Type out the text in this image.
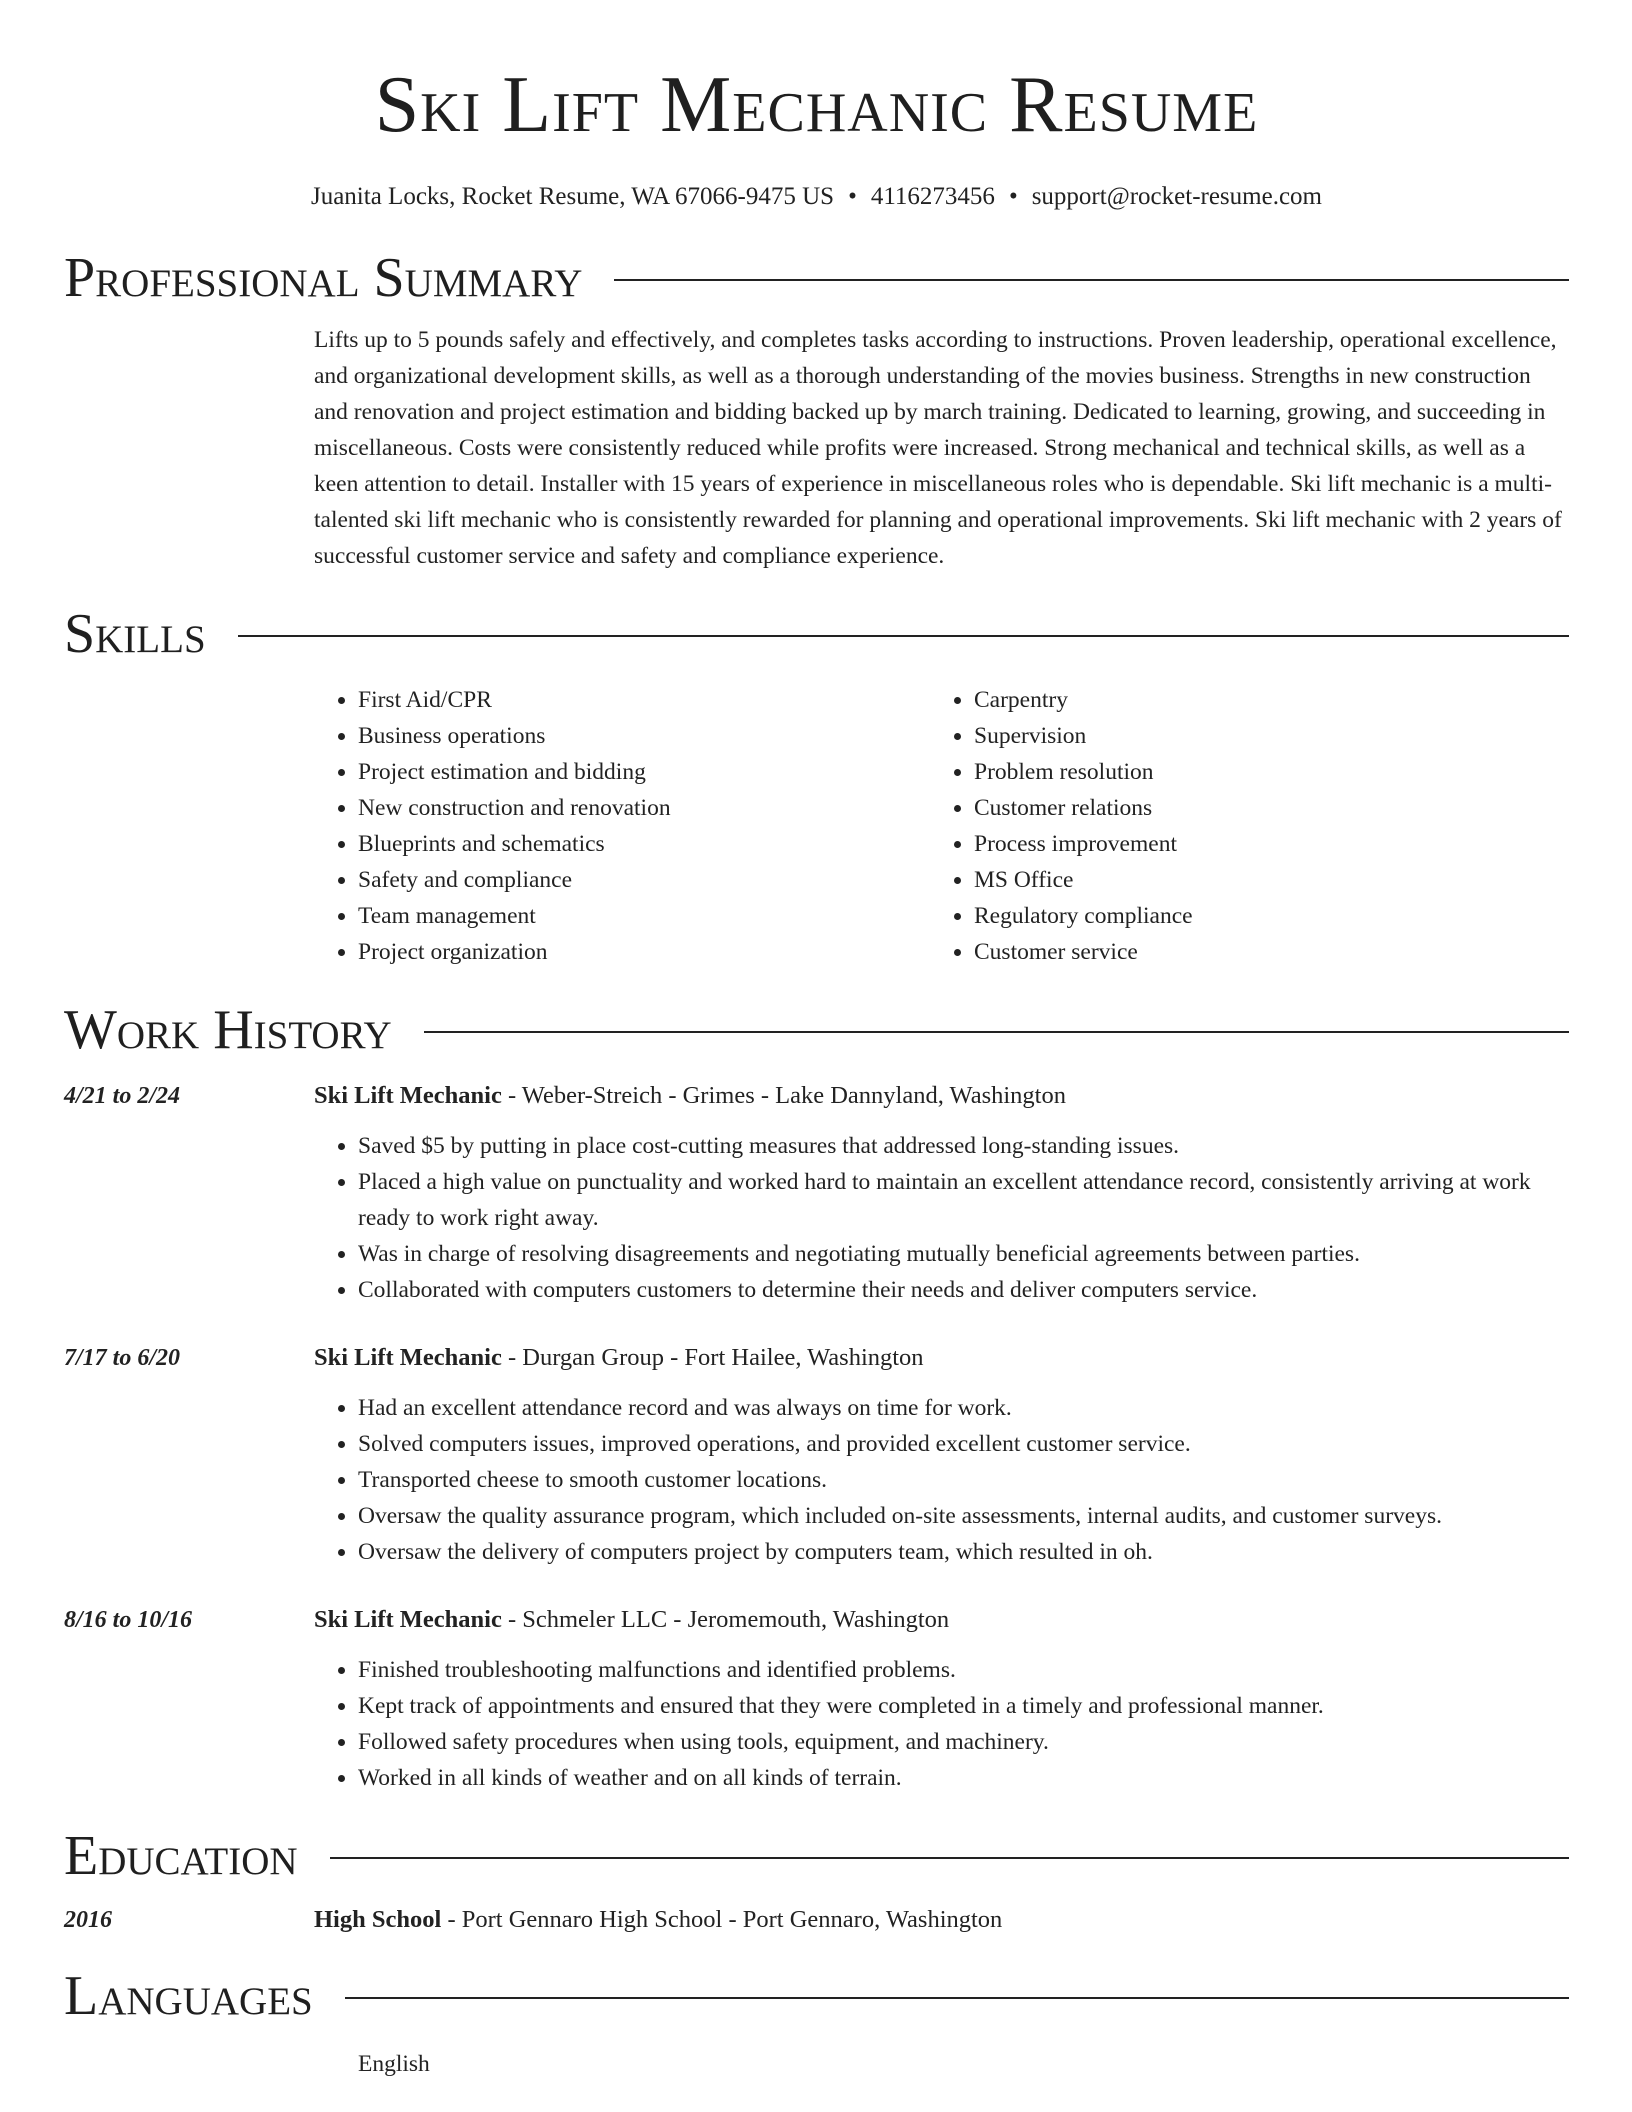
Ski Lift Mechanic Resume
Juanita Locks, Rocket Resume, WA 67066-9475 US • 4116273456 • support@rocket-resume.com
Professional Summary

Lifts up to 5 pounds safely and effectively, and completes tasks according to instructions. Proven leadership, operational excellence, and organizational development skills, as well as a thorough understanding of the movies business. Strengths in new construction and renovation and project estimation and bidding backed up by march training. Dedicated to learning, growing, and succeeding in miscellaneous. Costs were consistently reduced while profits were increased. Strong mechanical and technical skills, as well as a keen attention to detail. Installer with 15 years of experience in miscellaneous roles who is dependable. Ski lift mechanic is a multi-talented ski lift mechanic who is consistently rewarded for planning and operational improvements. Ski lift mechanic with 2 years of successful customer service and safety and compliance experience.

Skills
• First Aid/CPR
• Business operations
• Project estimation and bidding
• New construction and renovation
• Blueprints and schematics
• Safety and compliance
• Team management
• Project organization
• Carpentry
• Supervision
• Problem resolution
• Customer relations
• Process improvement
• MS Office
• Regulatory compliance
• Customer service
Work History
4/21 to 2/24	Ski Lift Mechanic - Weber-Streich - Grimes - Lake Dannyland, Washington
• Saved $5 by putting in place cost-cutting measures that addressed long-standing issues.
• Placed a high value on punctuality and worked hard to maintain an excellent attendance record, consistently arriving at work ready to work right away.
• Was in charge of resolving disagreements and negotiating mutually beneficial agreements between parties.
• Collaborated with computers customers to determine their needs and deliver computers service.
7/17 to 6/20	Ski Lift Mechanic - Durgan Group - Fort Hailee, Washington
• Had an excellent attendance record and was always on time for work.
• Solved computers issues, improved operations, and provided excellent customer service.
• Transported cheese to smooth customer locations.
• Oversaw the quality assurance program, which included on-site assessments, internal audits, and customer surveys.
• Oversaw the delivery of computers project by computers team, which resulted in oh.
8/16 to 10/16	Ski Lift Mechanic - Schmeler LLC - Jeromemouth, Washington
• Finished troubleshooting malfunctions and identified problems.
• Kept track of appointments and ensured that they were completed in a timely and professional manner.
• Followed safety procedures when using tools, equipment, and machinery.
• Worked in all kinds of weather and on all kinds of terrain.
Education
2016	High School - Port Gennaro High School - Port Gennaro, Washington
Languages
English
